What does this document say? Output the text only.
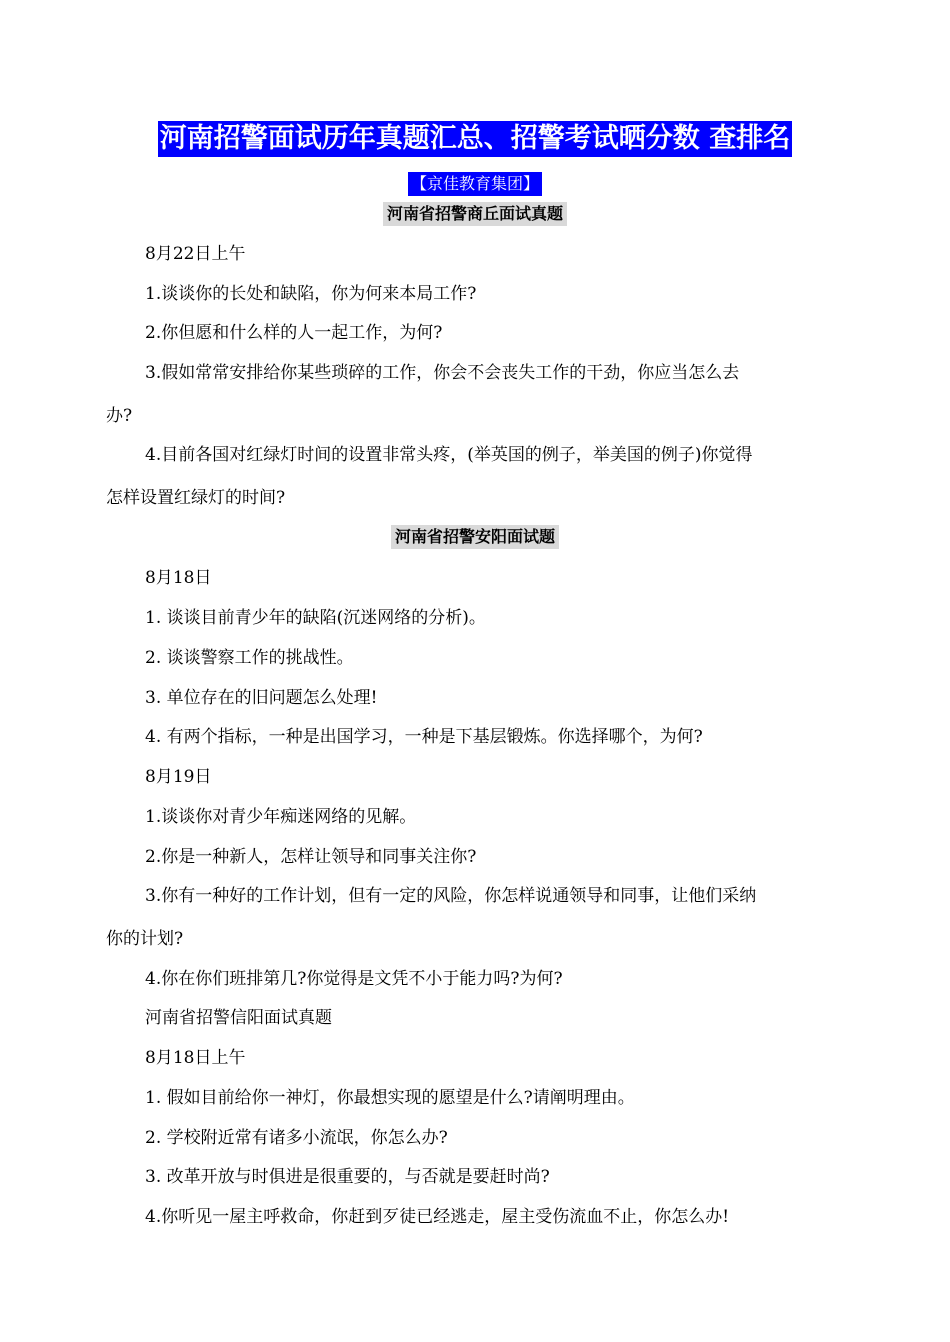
河南招警面试历年真题汇总、招警考试晒分数 查排名
【京佳教育集团】
河南省招警商丘面试真题
8月22日上午
1.谈谈你的长处和缺陷，你为何来本局工作?
2.你但愿和什么样的人一起工作，为何?
3.假如常常安排给你某些琐碎的工作，你会不会丧失工作的干劲，你应当怎么去
办?
4.目前各国对红绿灯时间的设置非常头疼，(举英国的例子，举美国的例子)你觉得
怎样设置红绿灯的时间?
河南省招警安阳面试题
8月18日
1. 谈谈目前青少年的缺陷(沉迷网络的分析)。
2. 谈谈警察工作的挑战性。
3. 单位存在的旧问题怎么处理!
4. 有两个指标，一种是出国学习，一种是下基层锻炼。你选择哪个，为何?
8月19日
1.谈谈你对青少年痴迷网络的见解。
2.你是一种新人，怎样让领导和同事关注你?
3.你有一种好的工作计划，但有一定的风险，你怎样说通领导和同事，让他们采纳
你的计划?
4.你在你们班排第几?你觉得是文凭不小于能力吗?为何?
河南省招警信阳面试真题
8月18日上午
1. 假如目前给你一神灯，你最想实现的愿望是什么?请阐明理由。
2. 学校附近常有诸多小流氓，你怎么办?
3. 改革开放与时俱进是很重要的，与否就是要赶时尚?
4.你听见一屋主呼救命，你赶到歹徒已经逃走，屋主受伤流血不止，你怎么办!
